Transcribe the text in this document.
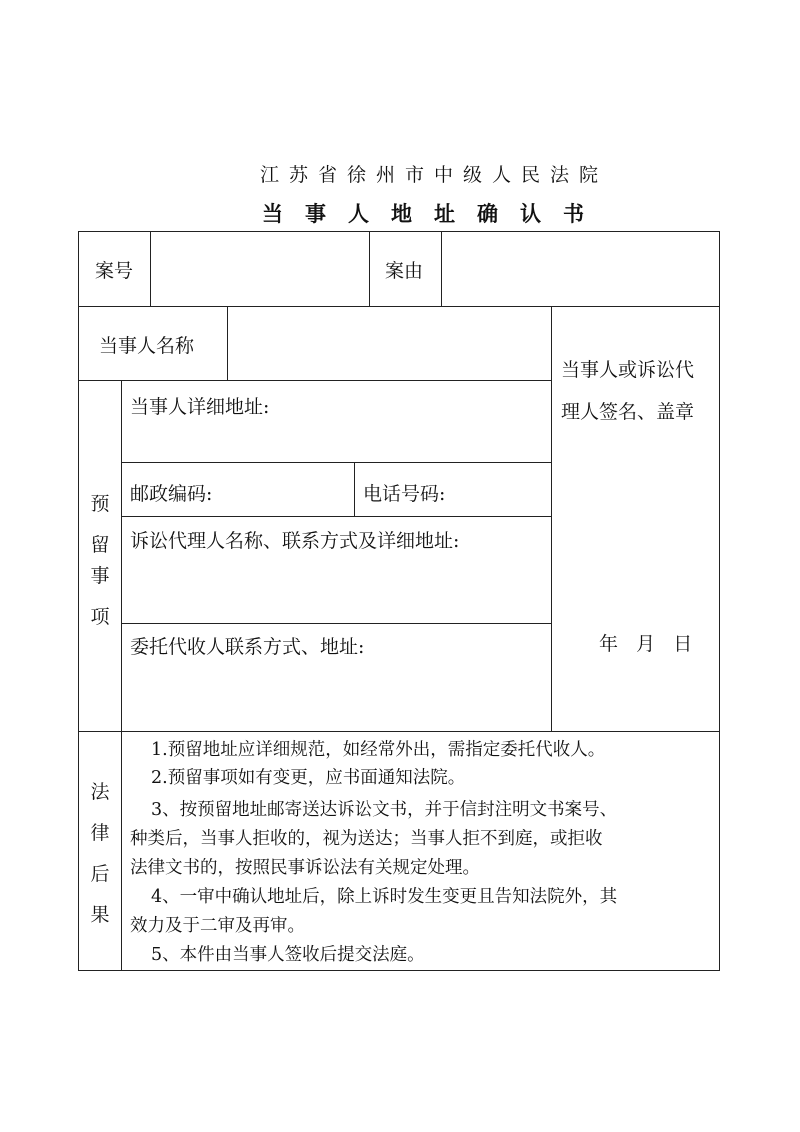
江苏省徐州市中级人民法院
当事人地址确认书
案号	案由
当事人名称
当事人或诉讼代
理人签名、盖章
年   月   日
预
留
事
项
当事人详细地址:
邮政编码:	电话号码:
诉讼代理人名称、联系方式及详细地址:
委托代收人联系方式、地址:
法
律
后
果
1.预留地址应详细规范，如经常外出，需指定委托代收人。
2.预留事项如有变更，应书面通知法院。
3、按预留地址邮寄送达诉讼文书，并于信封注明文书案号、
种类后，当事人拒收的，视为送达；当事人拒不到庭，或拒收
法律文书的，按照民事诉讼法有关规定处理。
4、一审中确认地址后，除上诉时发生变更且告知法院外，其
效力及于二审及再审。
5、本件由当事人签收后提交法庭。
